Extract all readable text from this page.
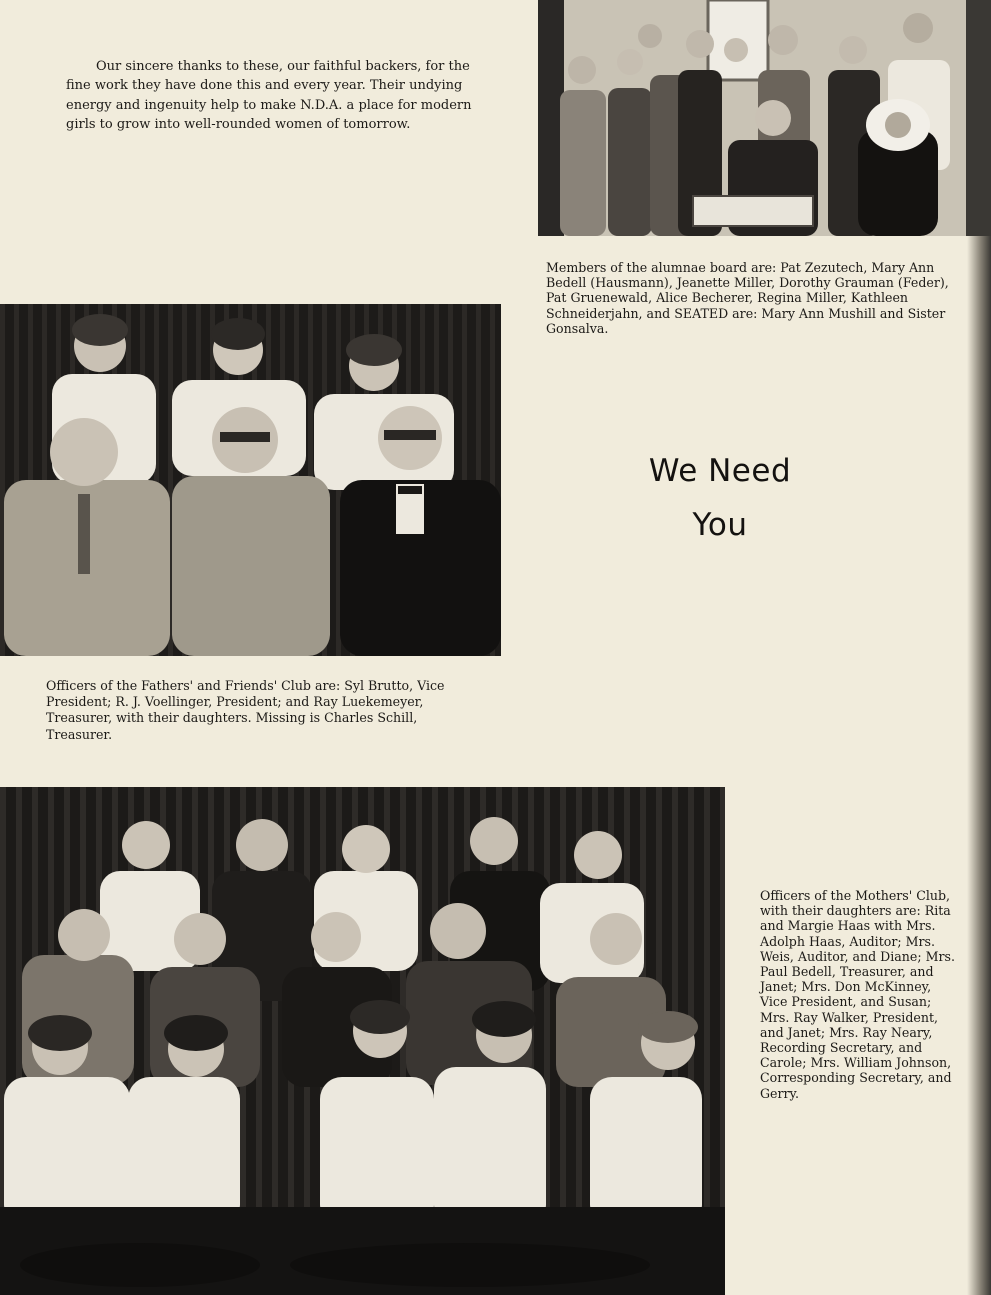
Our sincere thanks to these, our faithful backers, for the fine work they have done this and every year. Their undying energy and ingenuity help to make N.D.A. a place for modern girls to grow into well-rounded women of tomorrow.

Members of the alumnae board are: Pat Zezutech, Mary Ann Bedell (Hausmann), Jeanette Miller, Dorothy Grauman (Feder), Pat Gruenewald, Alice Becherer, Regina Miller, Kathleen Schneiderjahn, and SEATED are: Mary Ann Mushill and Sister Gonsalva.

We Need
You

Officers of the Fathers' and Friends' Club are: Syl Brutto, Vice President; R. J. Voellinger, President; and Ray Luekemeyer, Treasurer, with their daughters. Missing is Charles Schill, Treasurer.

Officers of the Mothers' Club, with their daughters are: Rita and Margie Haas with Mrs. Adolph Haas, Auditor; Mrs. Weis, Auditor, and Diane; Mrs. Paul Bedell, Treasurer, and Janet; Mrs. Don McKinney, Vice President, and Susan; Mrs. Ray Walker, President, and Janet; Mrs. Ray Neary, Recording Secretary, and Carole; Mrs. William Johnson, Corresponding Secretary, and Gerry.
